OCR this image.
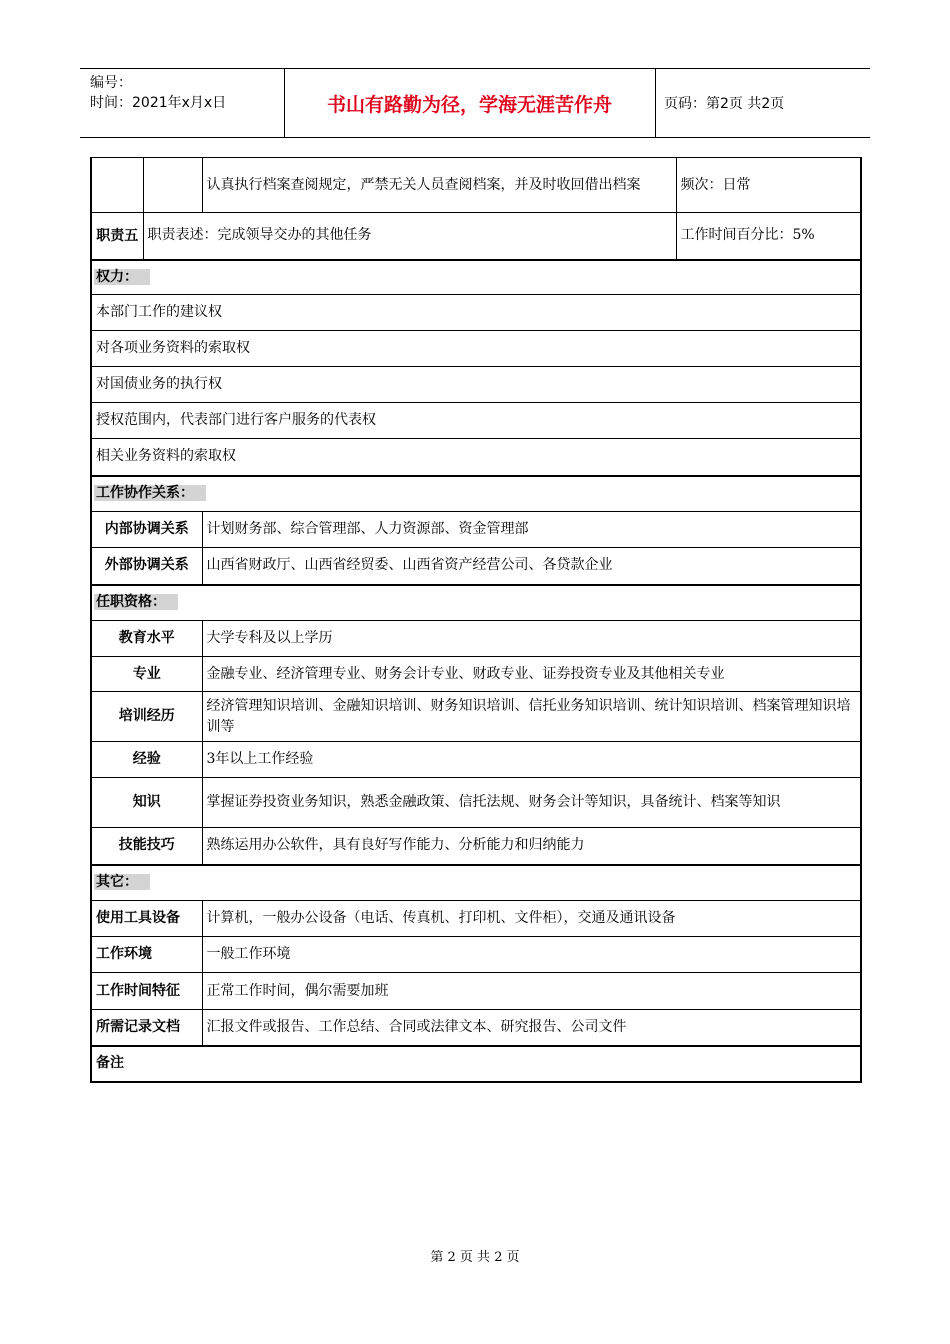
编号：
时间：2021年x月x日	书山有路勤为径，学海无涯苦作舟	页码：第2页 共2页
		认真执行档案查阅规定，严禁无关人员查阅档案，并及时收回借出档案	频次：日常
职责五	职责表述：完成领导交办的其他任务		工作时间百分比：5%
权力：			
本部门工作的建议权			
对各项业务资料的索取权			
对国债业务的执行权			
授权范围内，代表部门进行客户服务的代表权			
相关业务资料的索取权			
工作协作关系：			
内部协调关系		计划财务部、综合管理部、人力资源部、资金管理部	
外部协调关系		山西省财政厅、山西省经贸委、山西省资产经营公司、各贷款企业	
任职资格：			
教育水平		大学专科及以上学历	
专业		金融专业、经济管理专业、财务会计专业、财政专业、证券投资专业及其他相关专业	
培训经历		经济管理知识培训、金融知识培训、财务知识培训、信托业务知识培训、统计知识培训、档案管理知识培训等	
经验		3年以上工作经验	
知识		掌握证券投资业务知识，熟悉金融政策、信托法规、财务会计等知识，具备统计、档案等知识	
技能技巧		熟练运用办公软件，具有良好写作能力、分析能力和归纳能力	
其它：			
使用工具设备		计算机，一般办公设备（电话、传真机、打印机、文件柜），交通及通讯设备	
工作环境		一般工作环境	
工作时间特征		正常工作时间，偶尔需要加班	
所需记录文档		汇报文件或报告、工作总结、合同或法律文本、研究报告、公司文件	
备注			
第 2 页 共 2 页
